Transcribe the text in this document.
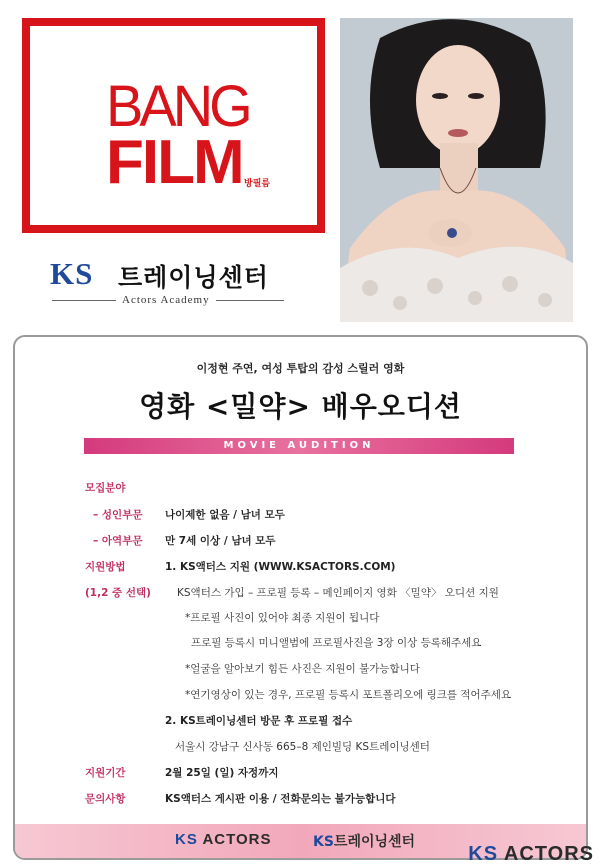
BANG
FILM 방필름
KS 트레이닝센터
Actors Academy
이정현 주연, 여성 투탑의 감성 스릴러 영화
영화 <밀약> 배우오디션
MOVIE AUDITION
모집분야
– 성인부문 나이제한 없음 / 남녀 모두
– 아역부문 만 7세 이상 / 남녀 모두
지원방법	1. KS액터스 지원 (WWW.KSACTORS.COM)
(1,2 중 선택) KS액터스 가입 – 프로필 등록 – 메인페이지 영화 〈밀약〉 오디션 지원
*프로필 사진이 있어야 최종 지원이 됩니다
프로필 등록시 미니앨범에 프로필사진을 3장 이상 등록해주세요
*얼굴을 알아보기 힘든 사진은 지원이 불가능합니다
*연기영상이 있는 경우, 프로필 등록시 포트폴리오에 링크를 적어주세요
2. KS트레이닝센터 방문 후 프로필 접수
서울시 강남구 신사동 665–8 제인빌딩 KS트레이닝센터
지원기간	2월 25일 (일) 자정까지
문의사항	KS액터스 게시판 이용 / 전화문의는 불가능합니다
KS ACTORS	KS트레이닝센터
KS ACTORS
